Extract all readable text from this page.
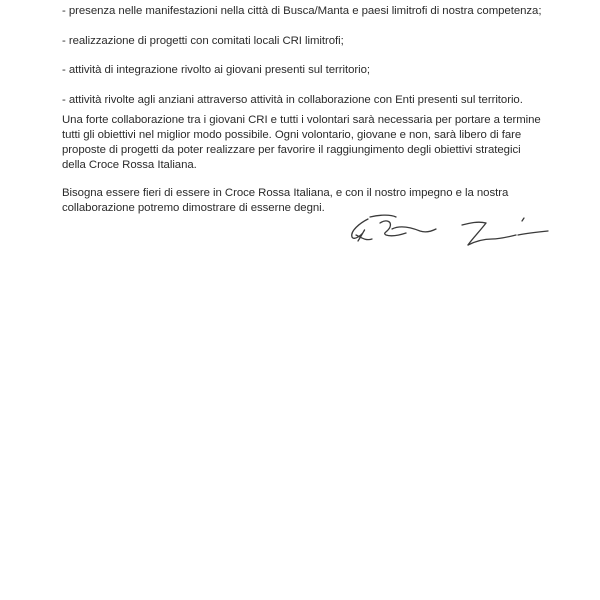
- presenza nelle manifestazioni nella città di Busca/Manta e paesi limitrofi di nostra competenza;
- realizzazione di progetti con comitati locali CRI limitrofi;
- attività di integrazione rivolto ai giovani presenti sul territorio;
- attività rivolte agli anziani attraverso attività in collaborazione con Enti presenti sul territorio.
Una forte collaborazione tra i giovani CRI e tutti i volontari sarà necessaria per portare a termine
tutti gli obiettivi nel miglior modo possibile. Ogni volontario, giovane e non, sarà libero di fare
proposte di progetti da poter realizzare per favorire il raggiungimento degli obiettivi strategici
della Croce Rossa Italiana.
Bisogna essere fieri di essere in Croce Rossa Italiana, e con il nostro impegno e la nostra
collaborazione potremo dimostrare di esserne degni.
